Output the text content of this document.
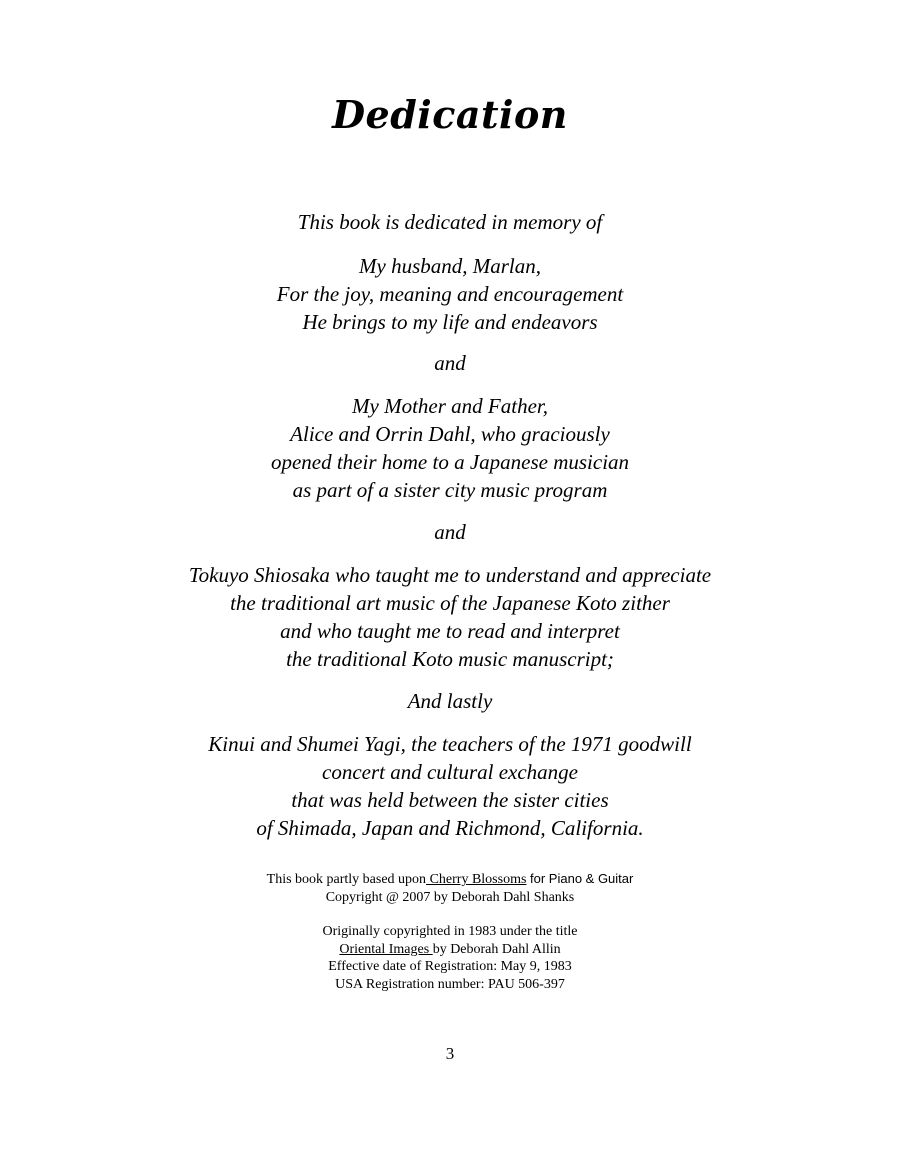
Dedication

This book is dedicated in memory of

My husband, Marlan,

For the joy, meaning and encouragement

He brings to my life and endeavors

and

My Mother and Father,

Alice and Orrin Dahl, who graciously

opened their home to a Japanese musician

as part of a sister city music program

and

Tokuyo Shiosaka who taught me to understand and appreciate

the traditional art music of the Japanese Koto zither

and who taught me to read and interpret

the traditional Koto music manuscript;

And lastly

Kinui and Shumei Yagi, the teachers of the 1971 goodwill

concert and cultural exchange

that was held between the sister cities

of Shimada, Japan and Richmond, California.

This book partly based upon Cherry Blossoms for Piano & Guitar

Copyright @ 2007 by Deborah Dahl Shanks

Originally copyrighted in 1983 under the title

Oriental Images by Deborah Dahl Allin

Effective date of Registration: May 9, 1983

USA Registration number: PAU 506-397

3
